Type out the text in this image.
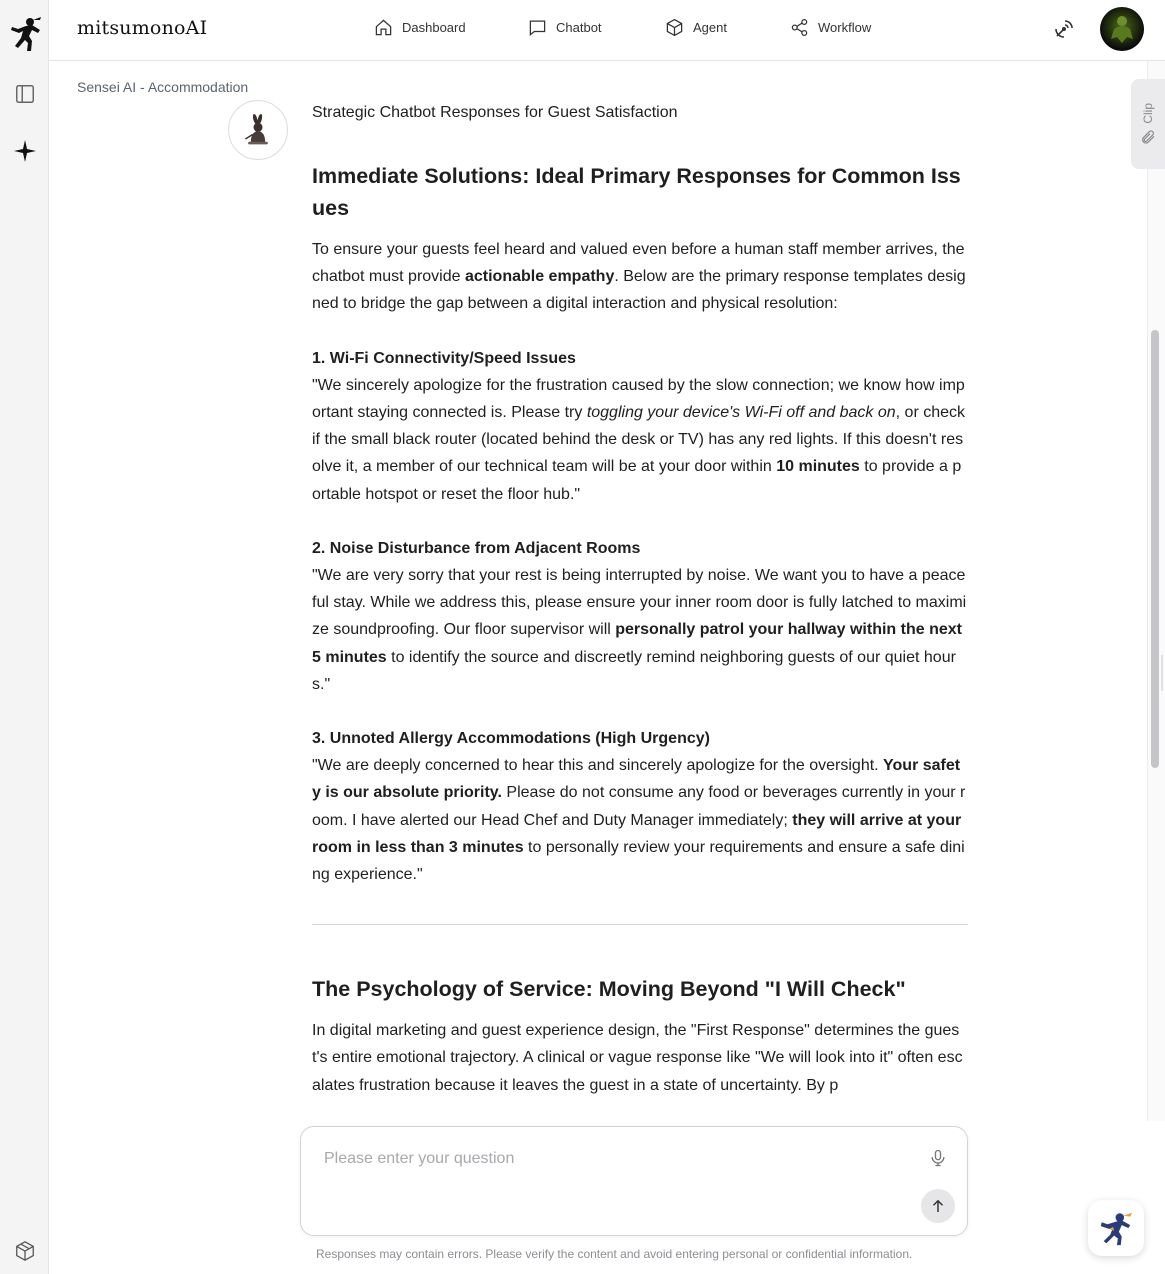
mitsumonoAI	Dashboard	Chatbot	Agent	Workflow
Sensei AI - Accommodation
Strategic Chatbot Responses for Guest Satisfaction
Immediate Solutions: Ideal Primary Responses for Common Issues

To ensure your guests feel heard and valued even before a human staff member arrives, the chatbot must provide actionable empathy. Below are the primary response templates designed to bridge the gap between a digital interaction and physical resolution:

1. Wi-Fi Connectivity/Speed Issues
"We sincerely apologize for the frustration caused by the slow connection; we know how important staying connected is. Please try toggling your device's Wi-Fi off and back on, or check if the small black router (located behind the desk or TV) has any red lights. If this doesn't resolve it, a member of our technical team will be at your door within 10 minutes to provide a portable hotspot or reset the floor hub."

2. Noise Disturbance from Adjacent Rooms
"We are very sorry that your rest is being interrupted by noise. We want you to have a peaceful stay. While we address this, please ensure your inner room door is fully latched to maximize soundproofing. Our floor supervisor will personally patrol your hallway within the next 5 minutes to identify the source and discreetly remind neighboring guests of our quiet hours."

3. Unnoted Allergy Accommodations (High Urgency)
"We are deeply concerned to hear this and sincerely apologize for the oversight. Your safety is our absolute priority. Please do not consume any food or beverages currently in your room. I have alerted our Head Chef and Duty Manager immediately; they will arrive at your room in less than 3 minutes to personally review your requirements and ensure a safe dining experience."

The Psychology of Service: Moving Beyond "I Will Check"

In digital marketing and guest experience design, the "First Response" determines the guest's entire emotional trajectory. A clinical or vague response like "We will look into it" often escalates frustration because it leaves the guest in a state of uncertainty. By p

Clip
Please enter your question
Responses may contain errors. Please verify the content and avoid entering personal or confidential information.
